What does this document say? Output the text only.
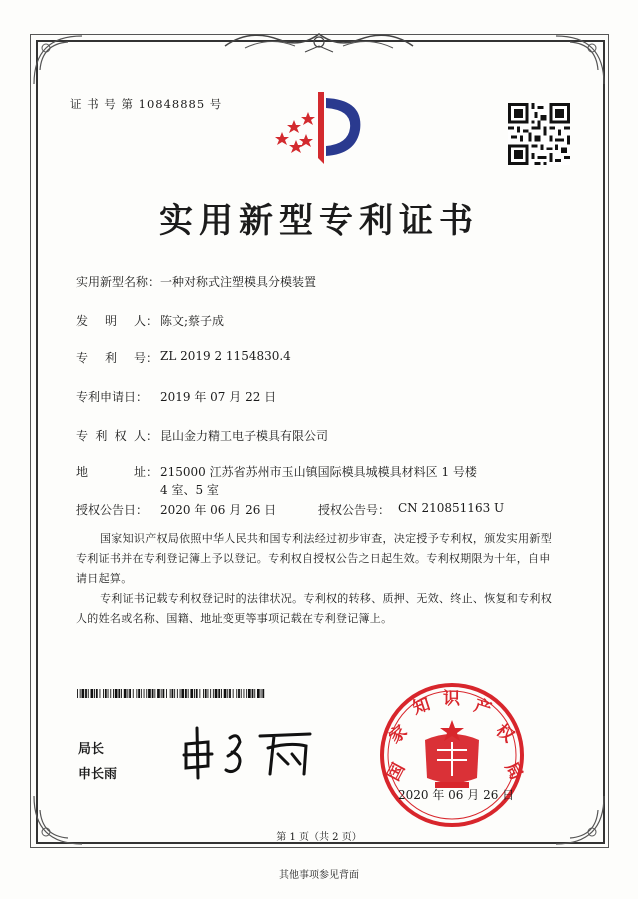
证 书 号 第 10848885 号
实用新型专利证书
实用新型名称： 一种对称式注塑模具分模装置
发 明 人： 陈文;蔡子成
专 利 号： ZL 2019 2 1154830.4
专利申请日： 2019 年 07 月 22 日
专 利 权 人： 昆山金力精工电子模具有限公司
地	址： 215000 江苏省苏州市玉山镇国际模具城模具材料区 1 号楼
4 室、5 室
授权公告日： 2020 年 06 月 26 日	授权公告号： CN 210851163 U
国家知识产权局依照中华人民共和国专利法经过初步审查，决定授予专利权，颁发实用新型专利证书并在专利登记簿上予以登记。专利权自授权公告之日起生效。专利权期限为十年，自申请日起算。
专利证书记载专利权登记时的法律状况。专利权的转移、质押、无效、终止、恢复和专利权人的姓名或名称、国籍、地址变更等事项记载在专利登记簿上。
局长
申长雨	国
家
知 识 产
权
局
2020 年 06 月 26 日
第 1 页（共 2 页）
其他事项参见背面
